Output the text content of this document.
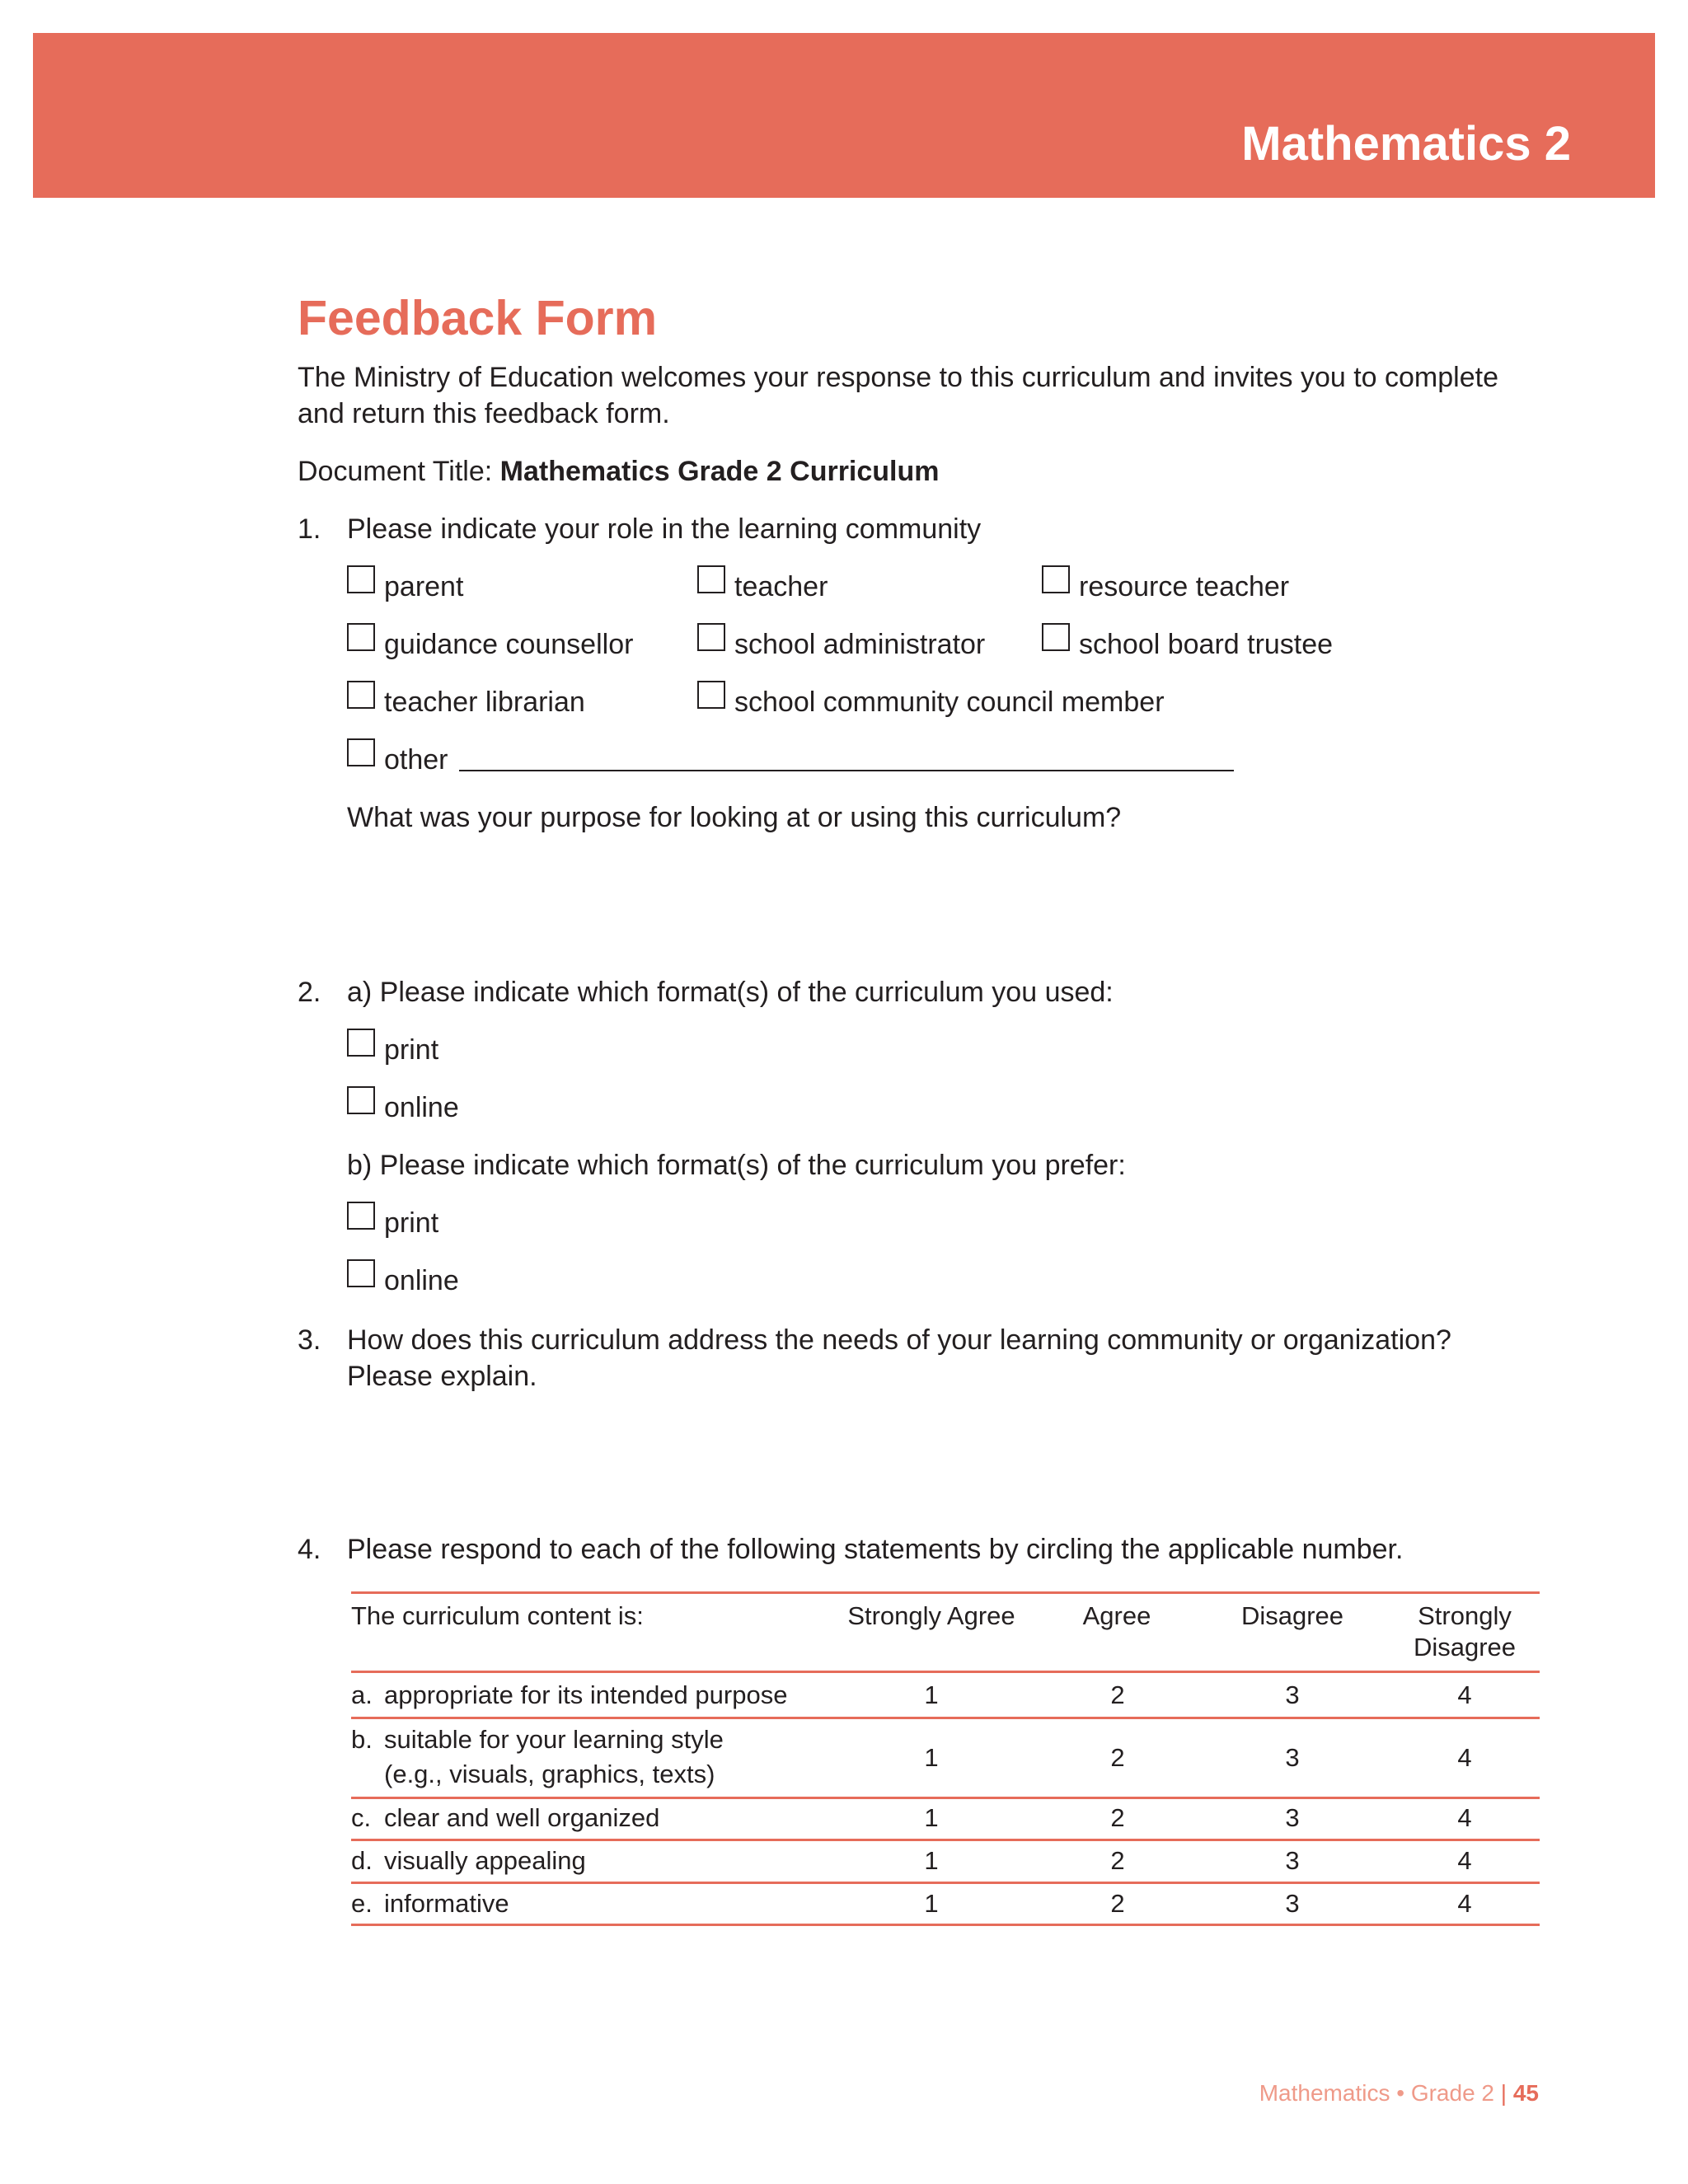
Mathematics 2
Feedback Form
The Ministry of Education welcomes your response to this curriculum and invites you to complete and return this feedback form.
Document Title: Mathematics Grade 2 Curriculum
1. Please indicate your role in the learning community
parent	teacher	resource teacher
guidance counsellor	school administrator	school board trustee
teacher librarian	school community council member
other
What was your purpose for looking at or using this curriculum?
2. a) Please indicate which format(s) of the curriculum you used:
print
online
b) Please indicate which format(s) of the curriculum you prefer:
print
online
3. How does this curriculum address the needs of your learning community or organization?
Please explain.
4. Please respond to each of the following statements by circling the applicable number.
The curriculum content is:	Strongly Agree	Agree	Disagree	Strongly
Disagree
a. appropriate for its intended purpose	1	2	3	4
b. suitable for your learning style
(e.g., visuals, graphics, texts)
1	2	3	4
c. clear and well organized	1	2	3	4
d. visually appealing	1	2	3	4
e. informative	1	2	3	4
Mathematics • Grade 2 | 45
